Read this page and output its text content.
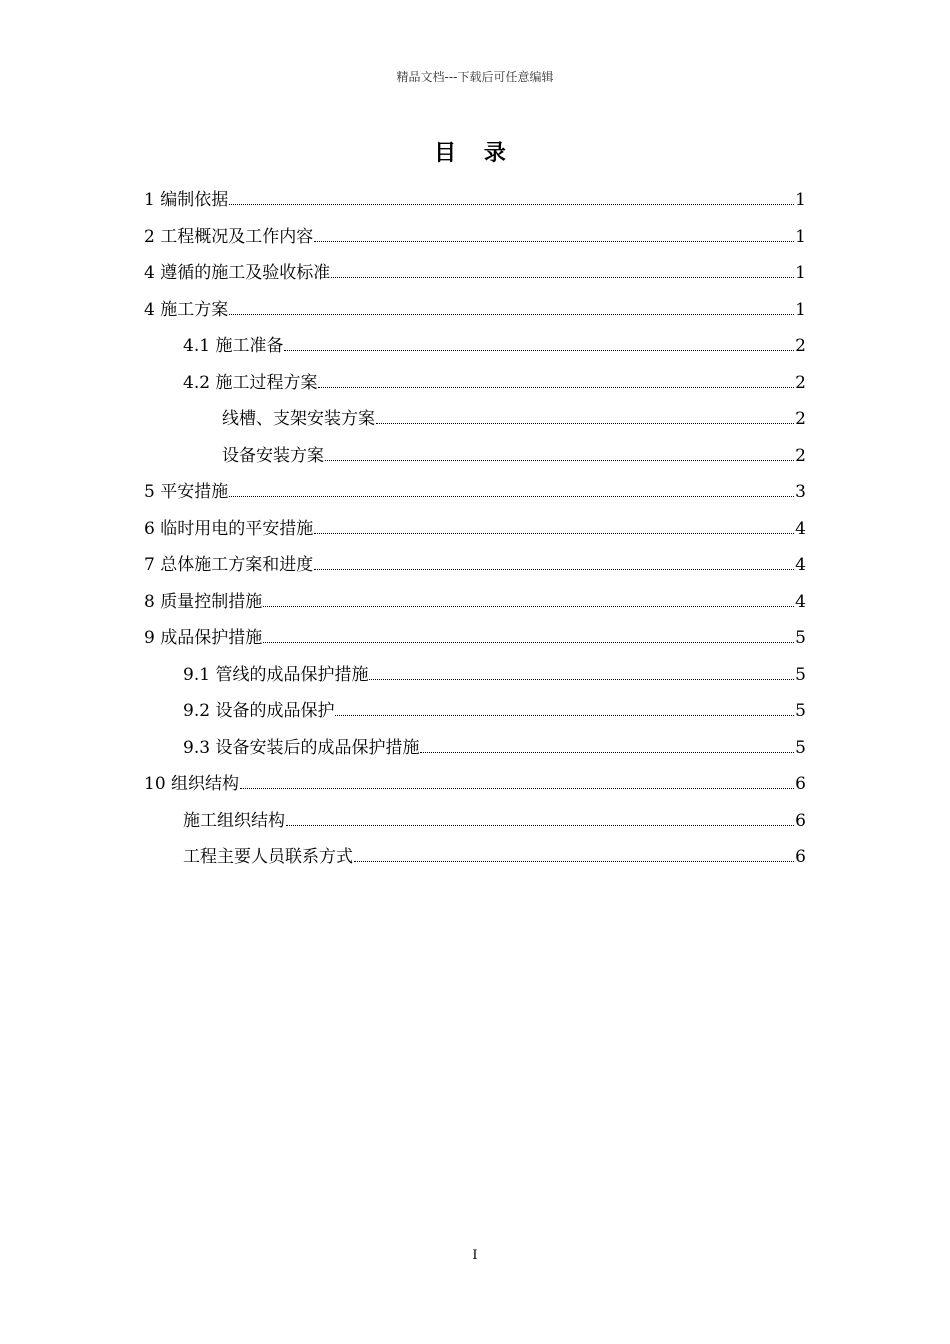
精品文档---下载后可任意编辑
目 录
1 编制依据	1
2 工程概况及工作内容	1
4 遵循的施工及验收标准	1
4 施工方案	1
4.1 施工准备	2
4.2 施工过程方案	2
线槽、支架安装方案	2
设备安装方案	2
5 平安措施	3
6 临时用电的平安措施	4
7 总体施工方案和进度	4
8 质量控制措施	4
9 成品保护措施	5
9.1 管线的成品保护措施	5
9.2 设备的成品保护	5
9.3 设备安装后的成品保护措施	5
10 组织结构	6
施工组织结构	6
工程主要人员联系方式	6
I
